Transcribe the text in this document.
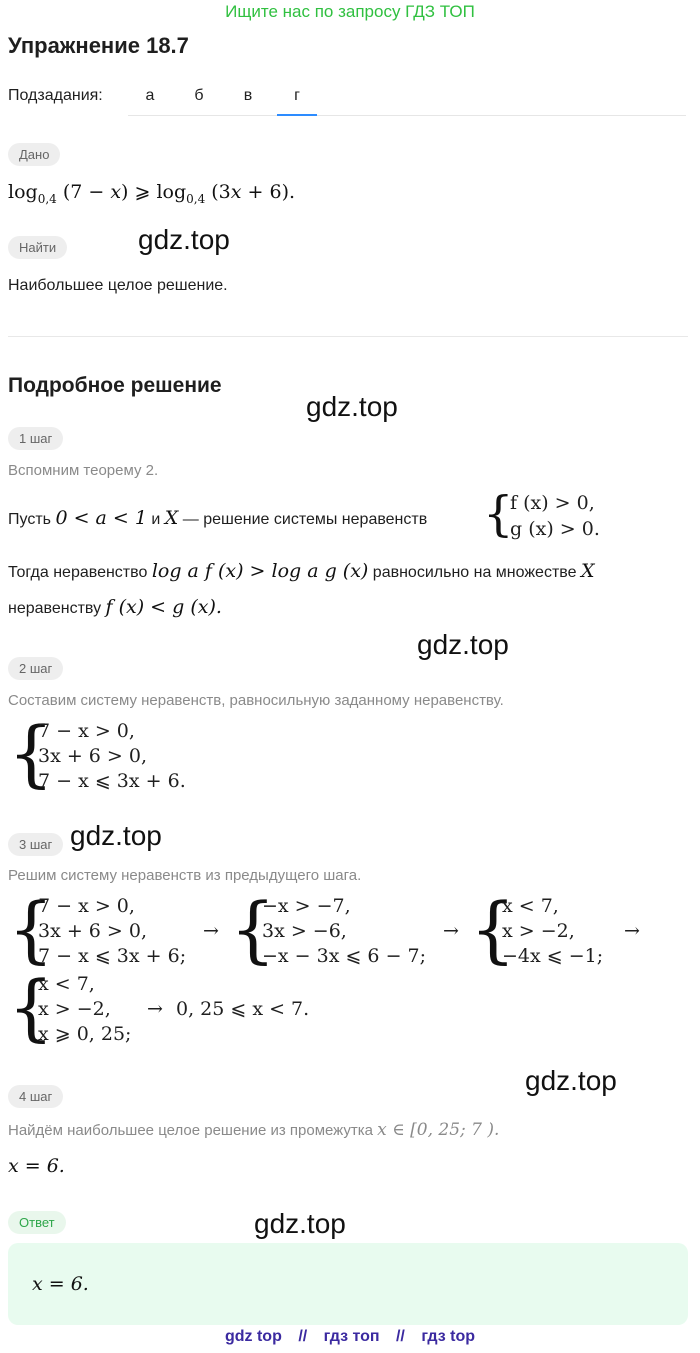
Ищите нас по запросу ГДЗ ТОП
Упражнение 18.7
Подзадания:	а	б	в	г
Дано
$\log_{0,4} (7 - x)$ ⩾ $\log_{0,4} (3x + 6)$.
Найти	gdz.top
Наибольшее целое решение.
Подробное решение
gdz.top
1 шаг
Вспомним теорему 2.
Пусть 0 < a < 1 и X — решение системы неравенств {
f (x) > 0,
g (x) > 0.
Тогда неравенство log a f (x) > log a g (x) равносильно на множестве X
неравенству f (x) < g (x).
gdz.top
2 шаг
Составим систему неравенств, равносильную заданному неравенству.
{
7 − x > 0,
3x + 6 > 0,
7 − x ⩽ 3x + 6.
3 шаг gdz.top
Решим систему неравенств из предыдущего шага.
{
7 − x > 0,
3x + 6 > 0,
7 − x ⩽ 3x + 6;
→ {
−x > −7,
3x > −6,
−x − 3x ⩽ 6 − 7;
→ {
x < 7,
x > −2,
−4x ⩽ −1;
→
{
x < 7,
x > −2,
x ⩾ 0, 25;
→ 0, 25 ⩽ x < 7.
gdz.top
4 шаг
Найдём наибольшее целое решение из промежутка x ∈ [0, 25; 7 ).
x = 6.
Ответ	gdz.top
x = 6.
gdz top // гдз топ // гдз top
